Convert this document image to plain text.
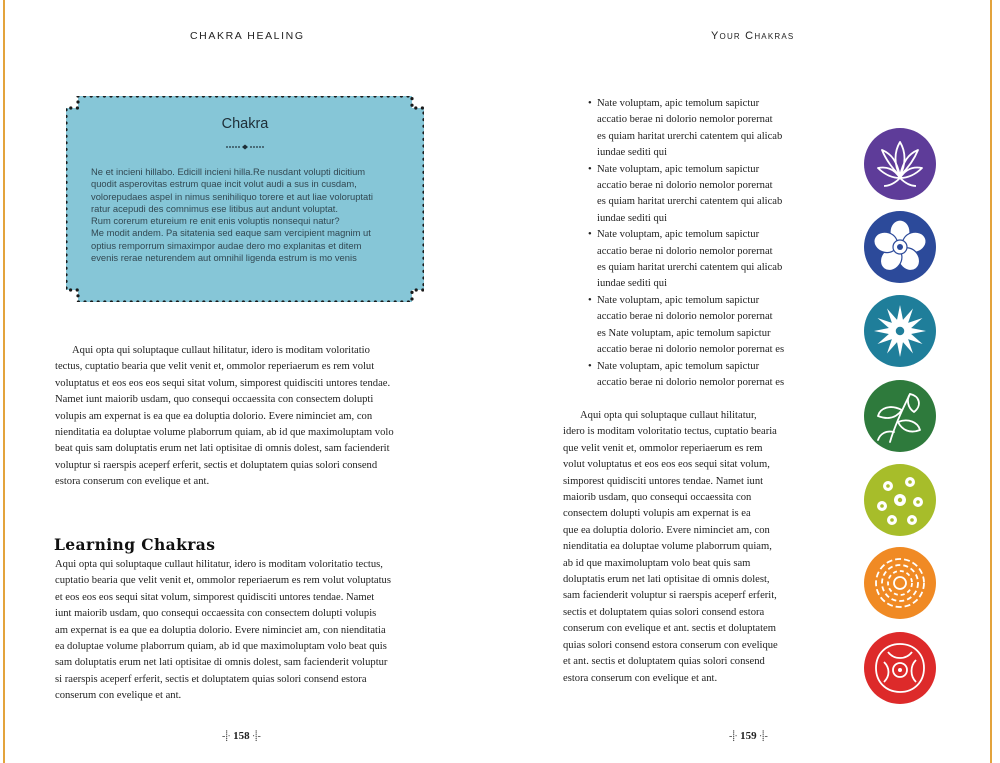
CHAKRA HEALING	Your Chakras
Chakra

Ne et incieni hillabo. Edicill incieni hilla.Re nusdant volupti dicitium

quodit asperovitas estrum quae incit volut audi a sus in cusdam,

volorepudaes aspel in nimus senihiliquo torere et aut liae voloruptati

ratur acepudi des comnimus ese litibus aut andunt voluptat.

Rum corerum etureium re enit enis voluptis nonsequi natur?

Me modit andem. Pa sitatenia sed eaque sam vercipient magnim ut

optius remporrum simaximpor audae dero mo explanitas et ditem

evenis rerae neturendem aut omnihil ligenda estrum is mo venis

Aqui opta qui soluptaque cullaut hilitatur, idero is moditam voloritatio
tectus, cuptatio bearia que velit venit et, ommolor reperiaerum es rem volut
voluptatus et eos eos eos sequi sitat volum, simporest quidisciti untores tendae.
Namet iunt maiorib usdam, quo consequi occaessita con consectem dolupti
volupis am expernat is ea que ea doluptia dolorio. Evere niminciet am, con
nienditatia ea doluptae volume plaborrum quiam, ab id que maximoluptam volo
beat quis sam doluptatis erum net lati optisitae di omnis dolest, sam facienderit
voluptur si raerspis aceperf erferit, sectis et doluptatem quias solori consend
estora conserum con evelique et ant.
Learning Chakras
Aqui opta qui soluptaque cullaut hilitatur, idero is moditam voloritatio tectus,
cuptatio bearia que velit venit et, ommolor reperiaerum es rem volut voluptatus
et eos eos eos sequi sitat volum, simporest quidisciti untores tendae. Namet
iunt maiorib usdam, quo consequi occaessita con consectem dolupti volupis
am expernat is ea que ea doluptia dolorio. Evere niminciet am, con nienditatia
ea doluptae volume plaborrum quiam, ab id que maximoluptam volo beat quis
sam doluptatis erum net lati optisitae di omnis dolest, sam facienderit voluptur
si raerspis aceperf erferit, sectis et doluptatem quias solori consend estora
conserum con evelique et ant.
• Nate voluptam, apic temolum sapictur
accatio berae ni dolorio nemolor porernat
es quiam haritat urerchi catentem qui alicab
iundae sediti qui
• Nate voluptam, apic temolum sapictur
accatio berae ni dolorio nemolor porernat
es quiam haritat urerchi catentem qui alicab
iundae sediti qui
• Nate voluptam, apic temolum sapictur
accatio berae ni dolorio nemolor porernat
es quiam haritat urerchi catentem qui alicab
iundae sediti qui
• Nate voluptam, apic temolum sapictur
accatio berae ni dolorio nemolor porernat
es Nate voluptam, apic temolum sapictur
accatio berae ni dolorio nemolor porernat es
• Nate voluptam, apic temolum sapictur
accatio berae ni dolorio nemolor porernat es
Aqui opta qui soluptaque cullaut hilitatur,
idero is moditam voloritatio tectus, cuptatio bearia
que velit venit et, ommolor reperiaerum es rem
volut voluptatus et eos eos eos sequi sitat volum,
simporest quidisciti untores tendae. Namet iunt
maiorib usdam, quo consequi occaessita con
consectem dolupti volupis am expernat is ea
que ea doluptia dolorio. Evere niminciet am, con
nienditatia ea doluptae volume plaborrum quiam,
ab id que maximoluptam volo beat quis sam
doluptatis erum net lati optisitae di omnis dolest,
sam facienderit voluptur si raerspis aceperf erferit,
sectis et doluptatem quias solori consend estora
conserum con evelique et ant. sectis et doluptatem
quias solori consend estora conserum con evelique
et ant. sectis et doluptatem quias solori consend
estora conserum con evelique et ant.
-⸽∙ 158 ∙⸽-	-⸽∙ 159 ∙⸽-
